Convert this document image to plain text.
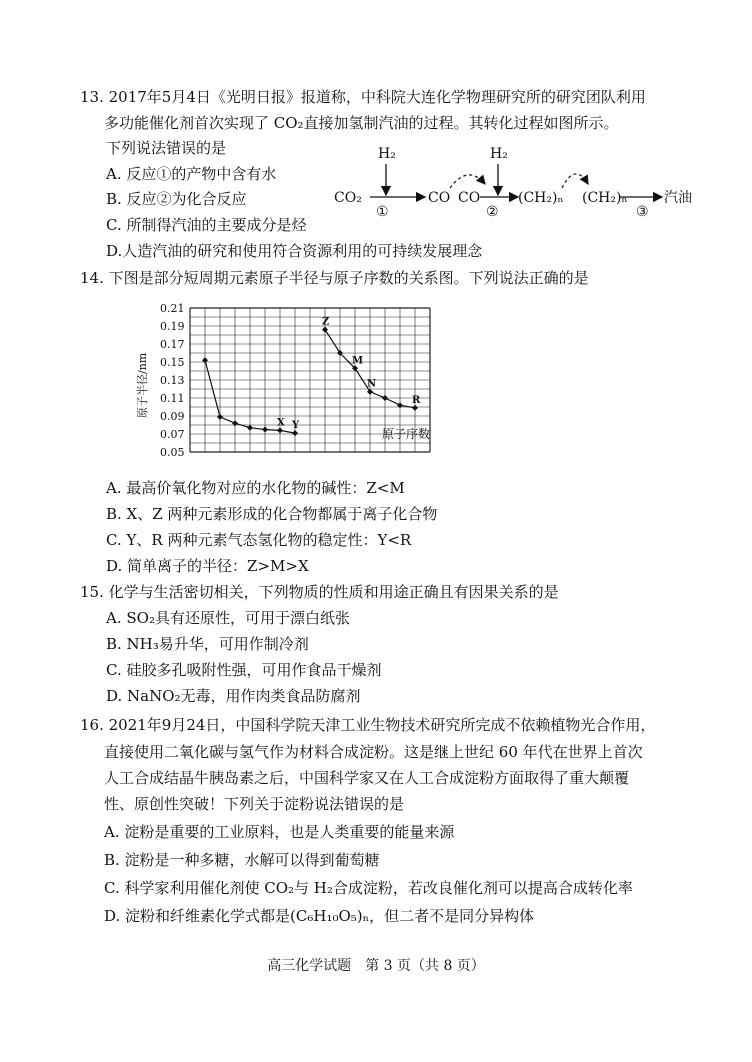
13. 2017年5月4日《光明日报》报道称，中科院大连化学物理研究所的研究团队利用
多功能催化剂首次实现了 CO₂直接加氢制汽油的过程。其转化过程如图所示。
下列说法错误的是
A. 反应①的产物中含有水
B. 反应②为化合反应
C. 所制得汽油的主要成分是烃
D.人造汽油的研究和使用符合资源利用的可持续发展理念
H₂
CO₂
①
CO CO
H₂
②
(CH₂)ₙ (CH₂)ₙ
③
汽油
14. 下图是部分短周期元素原子半径与原子序数的关系图。下列说法正确的是
X Y
Z
M
N
R
0.21
0.19
0.17
0.15
0.13
0.11
0.09
0.07
0.05
原子半径/nm
原子序数
A. 最高价氧化物对应的水化物的碱性：Z<M
B. X、Z 两种元素形成的化合物都属于离子化合物
C. Y、R 两种元素气态氢化物的稳定性：Y<R
D. 简单离子的半径：Z>M>X
15. 化学与生活密切相关，下列物质的性质和用途正确且有因果关系的是
A. SO₂具有还原性，可用于漂白纸张
B. NH₃易升华，可用作制冷剂
C. 硅胶多孔吸附性强，可用作食品干燥剂
D. NaNO₂无毒，用作肉类食品防腐剂
16. 2021年9月24日，中国科学院天津工业生物技术研究所完成不依赖植物光合作用，
直接使用二氧化碳与氢气作为材料合成淀粉。这是继上世纪 60 年代在世界上首次
人工合成结晶牛胰岛素之后，中国科学家又在人工合成淀粉方面取得了重大颠覆
性、原创性突破！下列关于淀粉说法错误的是
A. 淀粉是重要的工业原料，也是人类重要的能量来源
B. 淀粉是一种多糖，水解可以得到葡萄糖
C. 科学家利用催化剂使 CO₂与 H₂合成淀粉，若改良催化剂可以提高合成转化率
D. 淀粉和纤维素化学式都是(C₆H₁₀O₅)ₙ，但二者不是同分异构体
高三化学试题　第 3 页（共 8 页）
